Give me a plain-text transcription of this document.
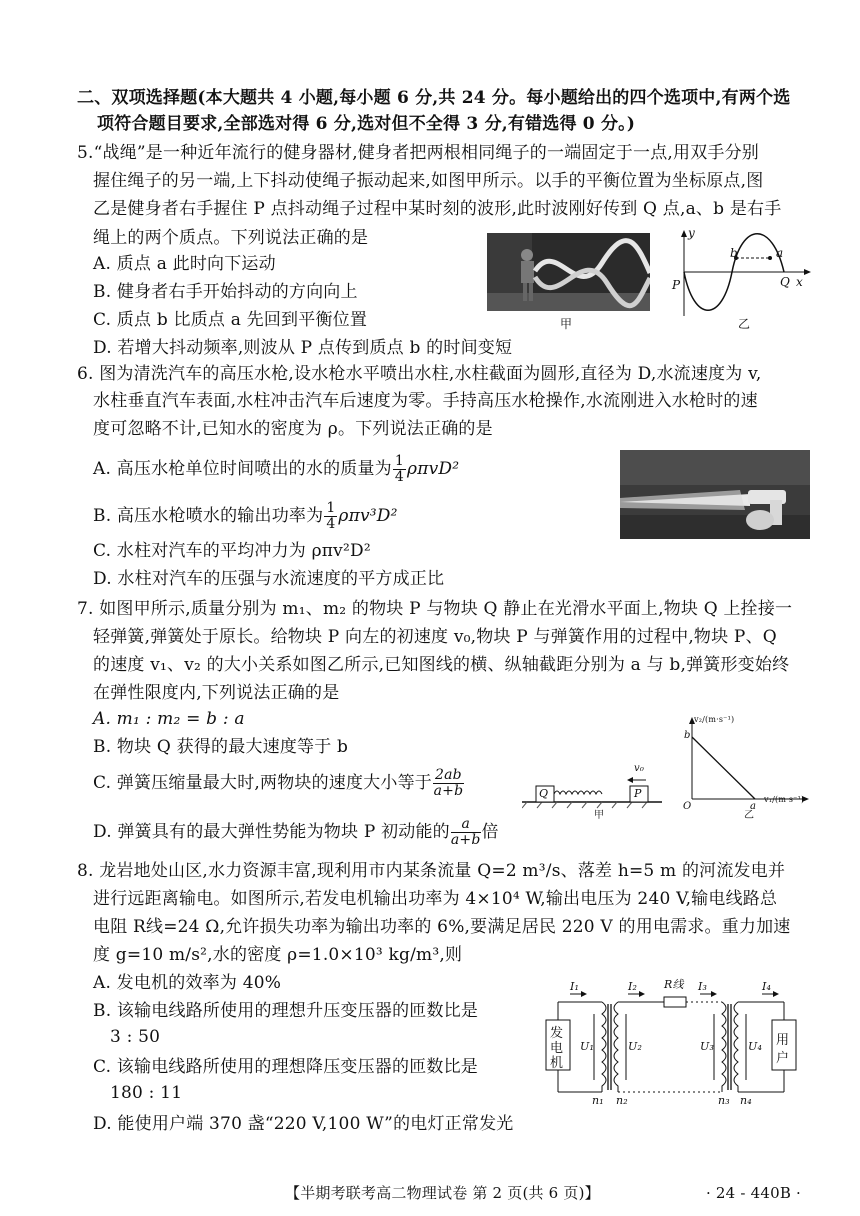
二、双项选择题(本大题共 4 小题,每小题 6 分,共 24 分。每小题给出的四个选项中,有两个选
项符合题目要求,全部选对得 6 分,选对但不全得 3 分,有错选得 0 分。)
5.“战绳”是一种近年流行的健身器材,健身者把两根相同绳子的一端固定于一点,用双手分别
握住绳子的另一端,上下抖动使绳子振动起来,如图甲所示。以手的平衡位置为坐标原点,图
乙是健身者右手握住 P 点抖动绳子过程中某时刻的波形,此时波刚好传到 Q 点,a、b 是右手
绳上的两个质点。下列说法正确的是
A. 质点 a 此时向下运动
B. 健身者右手开始抖动的方向向上
C. 质点 b 比质点 a 先回到平衡位置
D. 若增大抖动频率,则波从 P 点传到质点 b 的时间变短
甲
y
x
P	Q
b	a
乙
6. 图为清洗汽车的高压水枪,设水枪水平喷出水柱,水柱截面为圆形,直径为 D,水流速度为 v,
水柱垂直汽车表面,水柱冲击汽车后速度为零。手持高压水枪操作,水流刚进入水枪时的速
度可忽略不计,已知水的密度为 ρ。下列说法正确的是
A. 高压水枪单位时间喷出的水的质量为 $\frac{1}{4} \rho\pi vD^2$
B. 高压水枪喷水的输出功率为 $\frac{1}{4} \rho\pi v^3D^2$
C. 水柱对汽车的平均冲力为 ρπv²D²
D. 水柱对汽车的压强与水流速度的平方成正比
7. 如图甲所示,质量分别为 m₁、m₂ 的物块 P 与物块 Q 静止在光滑水平面上,物块 Q 上拴接一
轻弹簧,弹簧处于原长。给物块 P 向左的初速度 v₀,物块 P 与弹簧作用的过程中,物块 P、Q
的速度 v₁、v₂ 的大小关系如图乙所示,已知图线的横、纵轴截距分别为 a 与 b,弹簧形变始终
在弹性限度内,下列说法正确的是
A. m₁ : m₂ = b : a
B. 物块 Q 获得的最大速度等于 b
C. 弹簧压缩量最大时,两物块的速度大小等于 $\frac{2ab}{a+b}$
D. 弹簧具有的最大弹性势能为物块 P 初动能的 $\frac{a}{a+b}$ 倍
Q	P
v₀
甲
v₂/(m·s⁻¹)
v₁/(m·s⁻¹)
b
a
O
乙
8. 龙岩地处山区,水力资源丰富,现利用市内某条流量 Q=2 m³/s、落差 h=5 m 的河流发电并
进行远距离输电。如图所示,若发电机输出功率为 4×10⁴ W,输出电压为 240 V,输电线路总
电阻 R线=24 Ω,允许损失功率为输出功率的 6%,要满足居民 220 V 的用电需求。重力加速
度 g=10 m/s²,水的密度 ρ=1.0×10³ kg/m³,则
A. 发电机的效率为 40%
B. 该输电线路所使用的理想升压变压器的匝数比是
3 : 50
C. 该输电线路所使用的理想降压变压器的匝数比是
180 : 11
D. 能使用户端 370 盏“220 V,100 W”的电灯正常发光
发电机
用户
R线
I₁	I₂	I₃	I₄
U₁	U₂	U₃	U₄
n₁ n₂	n₃ n₄
【半期考联考高二物理试卷 第 2 页(共 6 页)】	· 24 - 440B ·
